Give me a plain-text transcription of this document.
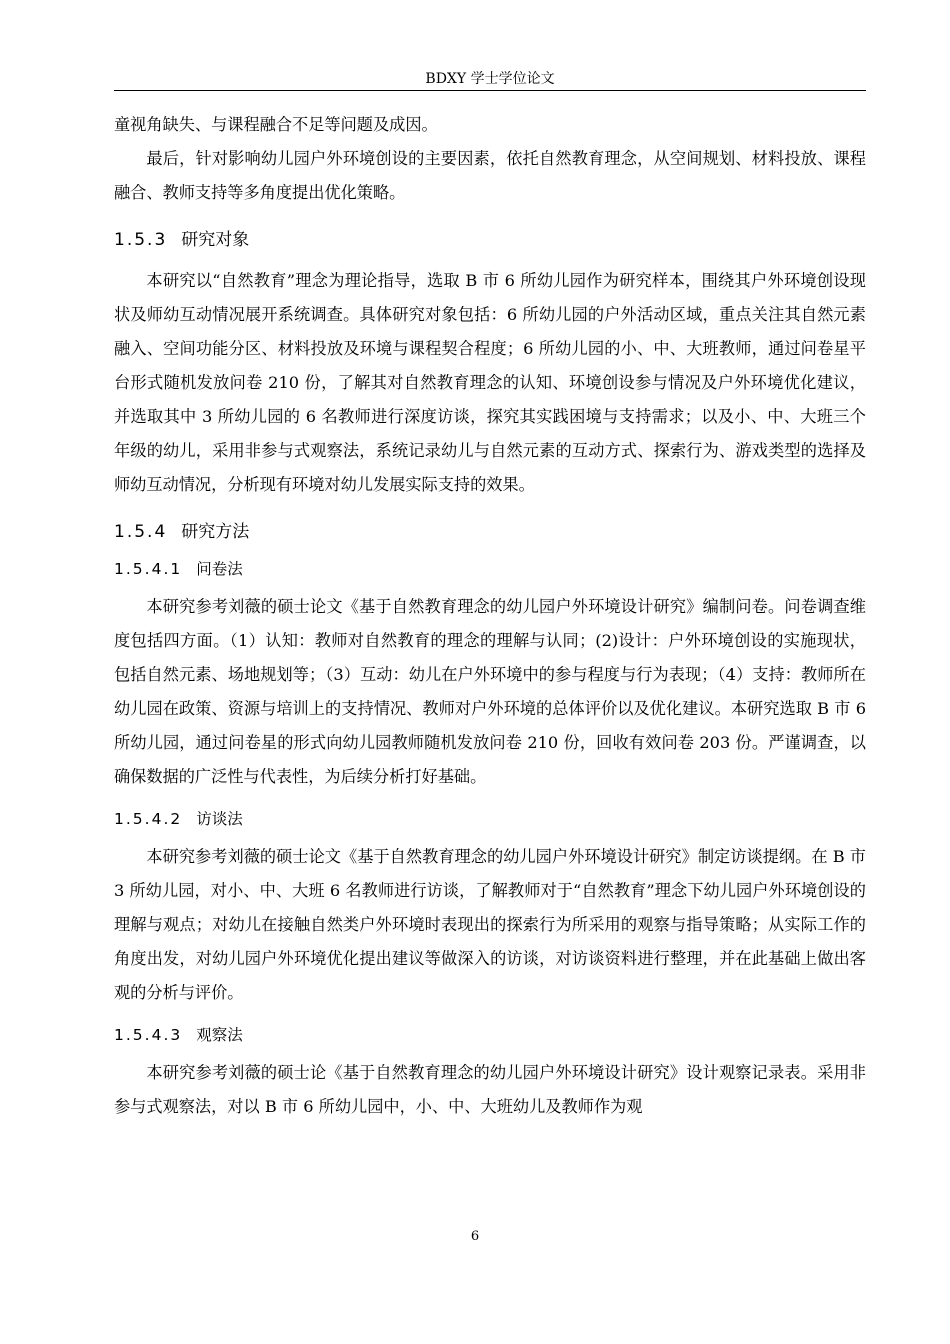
BDXY 学士学位论文

童视角缺失、与课程融合不足等问题及成因。

最后，针对影响幼儿园户外环境创设的主要因素，依托自然教育理念，从空间规划、材料投放、课程融合、教师支持等多角度提出优化策略。

1.5.3 研究对象

本研究以“自然教育”理念为理论指导，选取 B 市 6 所幼儿园作为研究样本，围绕其户外环境创设现状及师幼互动情况展开系统调查。具体研究对象包括：6 所幼儿园的户外活动区域，重点关注其自然元素融入、空间功能分区、材料投放及环境与课程契合程度；6 所幼儿园的小、中、大班教师，通过问卷星平台形式随机发放问卷 210 份，了解其对自然教育理念的认知、环境创设参与情况及户外环境优化建议，并选取其中 3 所幼儿园的 6 名教师进行深度访谈，探究其实践困境与支持需求；以及小、中、大班三个年级的幼儿，采用非参与式观察法，系统记录幼儿与自然元素的互动方式、探索行为、游戏类型的选择及师幼互动情况，分析现有环境对幼儿发展实际支持的效果。

1.5.4 研究方法
1.5.4.1 问卷法

本研究参考刘薇的硕士论文《基于自然教育理念的幼儿园户外环境设计研究》编制问卷。问卷调查维度包括四方面。（1）认知：教师对自然教育的理念的理解与认同；(2)设计：户外环境创设的实施现状，包括自然元素、场地规划等；（3）互动：幼儿在户外环境中的参与程度与行为表现；（4）支持：教师所在幼儿园在政策、资源与培训上的支持情况、教师对户外环境的总体评价以及优化建议。本研究选取 B 市 6 所幼儿园，通过问卷星的形式向幼儿园教师随机发放问卷 210 份，回收有效问卷 203 份。严谨调查，以确保数据的广泛性与代表性，为后续分析打好基础。

1.5.4.2 访谈法

本研究参考刘薇的硕士论文《基于自然教育理念的幼儿园户外环境设计研究》制定访谈提纲。在 B 市 3 所幼儿园，对小、中、大班 6 名教师进行访谈，了解教师对于“自然教育”理念下幼儿园户外环境创设的理解与观点；对幼儿在接触自然类户外环境时表现出的探索行为所采用的观察与指导策略；从实际工作的角度出发，对幼儿园户外环境优化提出建议等做深入的访谈，对访谈资料进行整理，并在此基础上做出客观的分析与评价。

1.5.4.3 观察法

本研究参考刘薇的硕士论《基于自然教育理念的幼儿园户外环境设计研究》设计观察记录表。采用非参与式观察法，对以 B 市 6 所幼儿园中，小、中、大班幼儿及教师作为观

6
